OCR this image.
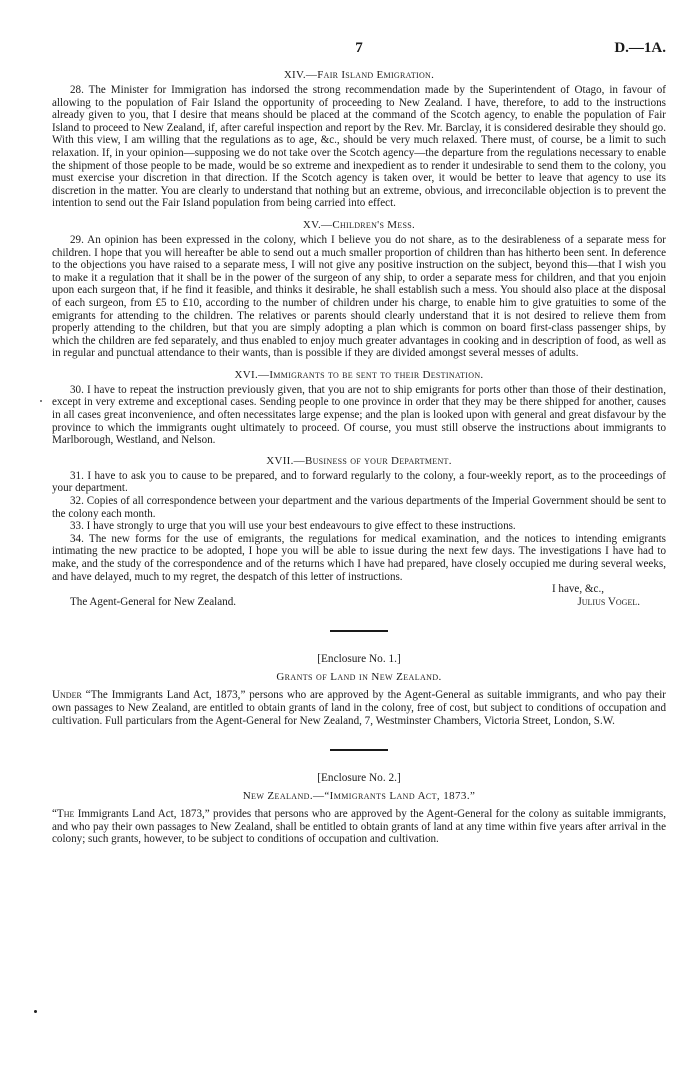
7	D.—1A.
XIV.—Fair Island Emigration.

28. The Minister for Immigration has indorsed the strong recommendation made by the Superintendent of Otago, in favour of allowing to the population of Fair Island the opportunity of proceeding to New Zealand. I have, therefore, to add to the instructions already given to you, that I desire that means should be placed at the command of the Scotch agency, to enable the population of Fair Island to proceed to New Zealand, if, after careful inspection and report by the Rev. Mr. Barclay, it is considered desirable they should go. With this view, I am willing that the regulations as to age, &c., should be very much relaxed. There must, of course, be a limit to such relaxation. If, in your opinion—supposing we do not take over the Scotch agency—the departure from the regulations necessary to enable the shipment of those people to be made, would be so extreme and inexpedient as to render it undesirable to send them to the colony, you must exercise your discretion in that direction. If the Scotch agency is taken over, it would be better to leave that agency to use its discretion in the matter. You are clearly to understand that nothing but an extreme, obvious, and irreconcilable objection is to prevent the intention to send out the Fair Island population from being carried into effect.

XV.—Children's Mess.

29. An opinion has been expressed in the colony, which I believe you do not share, as to the desirableness of a separate mess for children. I hope that you will hereafter be able to send out a much smaller proportion of children than has hitherto been sent. In deference to the objections you have raised to a separate mess, I will not give any positive instruction on the subject, beyond this—that I wish you to make it a regulation that it shall be in the power of the surgeon of any ship, to order a separate mess for children, and that you enjoin upon each surgeon that, if he find it feasible, and thinks it desirable, he shall establish such a mess. You should also place at the disposal of each surgeon, from £5 to £10, according to the number of children under his charge, to enable him to give gratuities to some of the emigrants for attending to the children. The relatives or parents should clearly understand that it is not desired to relieve them from properly attending to the children, but that you are simply adopting a plan which is common on board first-class passenger ships, by which the children are fed separately, and thus enabled to enjoy much greater advantages in cooking and in description of food, as well as in regular and punctual attendance to their wants, than is possible if they are divided amongst several messes of adults.

XVI.—Immigrants to be sent to their Destination.

30. I have to repeat the instruction previously given, that you are not to ship emigrants for ports other than those of their destination, except in very extreme and exceptional cases. Sending people to one province in order that they may be there shipped for another, causes in all cases great inconvenience, and often necessitates large expense; and the plan is looked upon with general and great disfavour by the province to which the immigrants ought ultimately to proceed. Of course, you must still observe the instructions about immigrants to Marlborough, Westland, and Nelson.

XVII.—Business of your Department.

31. I have to ask you to cause to be prepared, and to forward regularly to the colony, a four-weekly report, as to the proceedings of your department.

32. Copies of all correspondence between your department and the various departments of the Imperial Government should be sent to the colony each month.

33. I have strongly to urge that you will use your best endeavours to give effect to these instructions.

34. The new forms for the use of emigrants, the regulations for medical examination, and the notices to intending emigrants intimating the new practice to be adopted, I hope you will be able to issue during the next few days. The investigations I have had to make, and the study of the correspondence and of the returns which I have had prepared, have closely occupied me during several weeks, and have delayed, much to my regret, the despatch of this letter of instructions.

I have, &c.,
The Agent-General for New Zealand.	Julius Vogel.
[Enclosure No. 1.]
Grants of Land in New Zealand.

Under “The Immigrants Land Act, 1873,” persons who are approved by the Agent-General as suitable immigrants, and who pay their own passages to New Zealand, are entitled to obtain grants of land in the colony, free of cost, but subject to conditions of occupation and cultivation. Full particulars from the Agent-General for New Zealand, 7, Westminster Chambers, Victoria Street, London, S.W.

[Enclosure No. 2.]
New Zealand.—“Immigrants Land Act, 1873.”

“The Immigrants Land Act, 1873,” provides that persons who are approved by the Agent-General for the colony as suitable immigrants, and who pay their own passages to New Zealand, shall be entitled to obtain grants of land at any time within five years after arrival in the colony; such grants, however, to be subject to conditions of occupation and cultivation.
